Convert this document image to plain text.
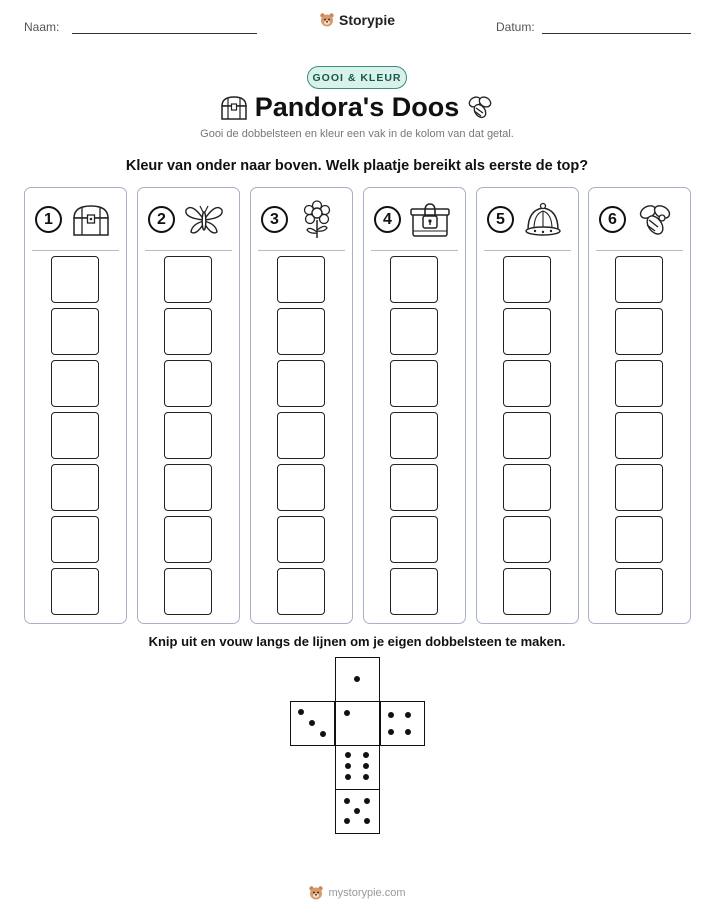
Naam:	Storypie	Datum:
GOOI & KLEUR
Pandora's Doos
Gooi de dobbelsteen en kleur een vak in de kolom van dat getal.
Kleur van onder naar boven. Welk plaatje bereikt als eerste de top?
1	2	3	4	5	6
Knip uit en vouw langs de lijnen om je eigen dobbelsteen te maken.
mystorypie.com
